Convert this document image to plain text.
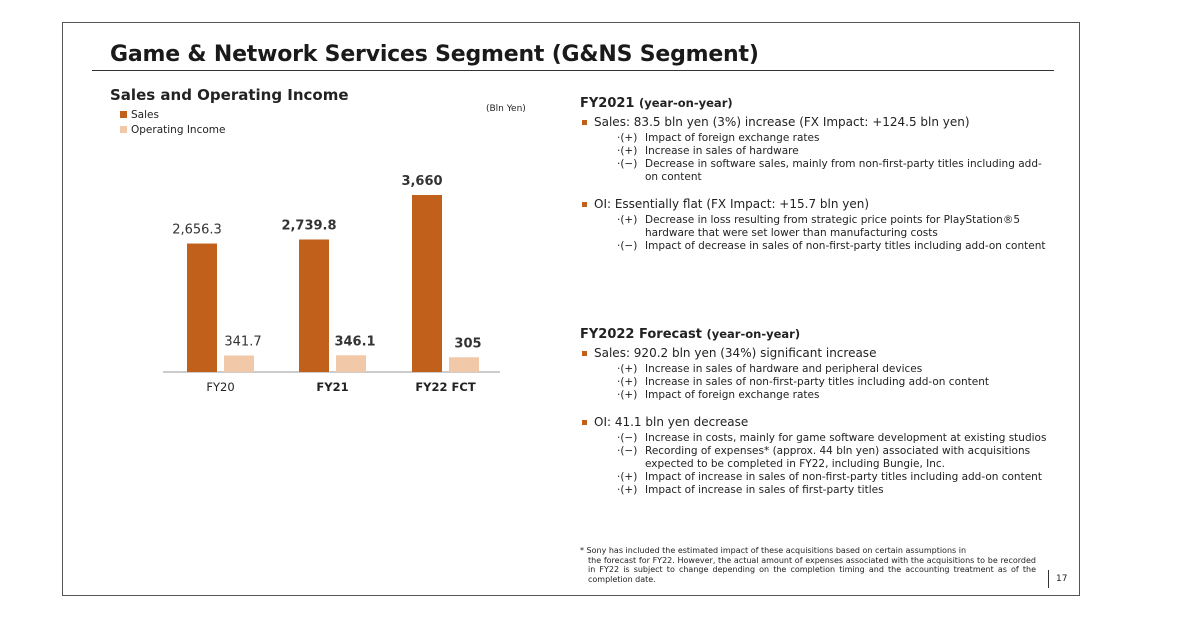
Game & Network Services Segment (G&NS Segment)
Sales and Operating Income
Sales
Operating Income
(Bln Yen)
2,656.3	2,739.8
3,660
341.7	346.1	305
FY20	FY21	FY22 FCT
FY2021 (year-on-year)
Sales: 83.5 bln yen (3%) increase (FX Impact: +124.5 bln yen)
·(+) Impact of foreign exchange rates
·(+) Increase in sales of hardware
·(−) Decrease in software sales, mainly from non-first-party titles including add-on content
OI: Essentially flat (FX Impact: +15.7 bln yen)
·(+) Decrease in loss resulting from strategic price points for PlayStation®5 hardware that were set lower than manufacturing costs
·(−) Impact of decrease in sales of non-first-party titles including add-on content
FY2022 Forecast (year-on-year)
Sales: 920.2 bln yen (34%) significant increase
·(+) Increase in sales of hardware and peripheral devices
·(+) Increase in sales of non-first-party titles including add-on content
·(+) Impact of foreign exchange rates
OI: 41.1 bln yen decrease
·(−) Increase in costs, mainly for game software development at existing studios
·(−) Recording of expenses* (approx. 44 bln yen) associated with acquisitions expected to be completed in FY22, including Bungie, Inc.
·(+) Impact of increase in sales of non-first-party titles including add-on content
·(+) Impact of increase in sales of first-party titles
* Sony has included the estimated impact of these acquisitions based on certain assumptions in
the forecast for FY22. However, the actual amount of expenses associated with the acquisitions to be recorded in FY22 is subject to change depending on the completion timing and the accounting treatment as of the completion date.	17
